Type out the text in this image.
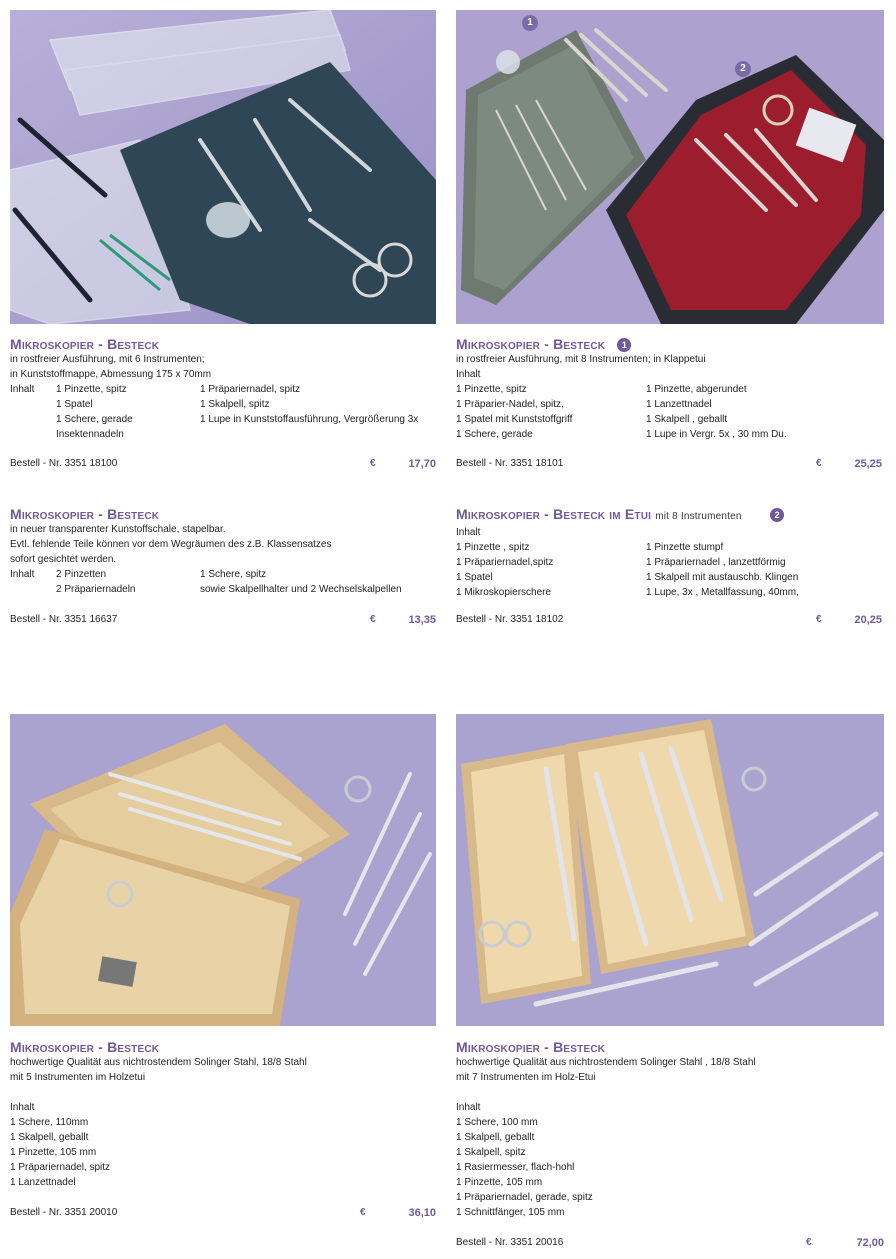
1
2
Mikroskopier - Besteck
in rostfreier Ausführung, mit 6 Instrumenten;
in Kunststoffmappe, Abmessung 175 x 70mm
Inhalt 1 Pinzette, spitz	1 Präpariernadel, spitz
1 Spatel	1 Skalpell, spitz
1 Schere, gerade	1 Lupe in Kunststoffausführung, Vergrößerung 3x
Insektennadeln
Bestell - Nr. 3351 18100	€	17,70
Mikroskopier - Besteck 1
in rostfreier Ausführung, mit 8 Instrumenten; in Klappetui
Inhalt
1 Pinzette, spitz	1 Pinzette, abgerundet
1 Präparier-Nadel, spitz,	1 Lanzettnadel
1 Spatel mit Kunststoffgriff	1 Skalpell , geballt
1 Schere, gerade	1 Lupe in Vergr. 5x , 30 mm Du.
Bestell - Nr. 3351 18101	€	25,25
Mikroskopier - Besteck
in neuer transparenter Kunstoffschale, stapelbar.
Evtl. fehlende Teile können vor dem Wegräumen des z.B. Klassensatzes
sofort gesichtet werden.
Inhalt 2 Pinzetten	1 Schere, spitz
2 Präpariernadeln	sowie Skalpellhalter und 2 Wechselskalpellen
Bestell - Nr. 3351 16637	€	13,35
Mikroskopier - Besteck im Etui mit 8 Instrumenten	2
Inhalt
1 Pinzette , spitz	1 Pinzette stumpf
1 Präpariernadel,spitz	1 Präpariernadel , lanzettförmig
1 Spatel	1 Skalpell mit austauschb. Klingen
1 Mikroskopierschere	1 Lupe, 3x , Metallfassung, 40mm,
Bestell - Nr. 3351 18102	€	20,25
Mikroskopier - Besteck
hochwertige Qualität aus nichtrostendem Solinger Stahl, 18/8 Stahl
mit 5 Instrumenten im Holzetui

Inhalt
1 Schere, 110mm
1 Skalpell, geballt
1 Pinzette, 105 mm
1 Präpariernadel, spitz
1 Lanzettnadel
Bestell - Nr. 3351 20010	€	36,10
Mikroskopier - Besteck
hochwertige Qualität aus nichtrostendem Solinger Stahl , 18/8 Stahl
mit 7 Instrumenten im Holz-Etui

Inhalt
1 Schere, 100 mm
1 Skalpell, geballt
1 Skalpell, spitz
1 Rasiermesser, flach-hohl
1 Pinzette, 105 mm
1 Präpariernadel, gerade, spitz
1 Schnittfänger, 105 mm
Bestell - Nr. 3351 20016	€	72,00
